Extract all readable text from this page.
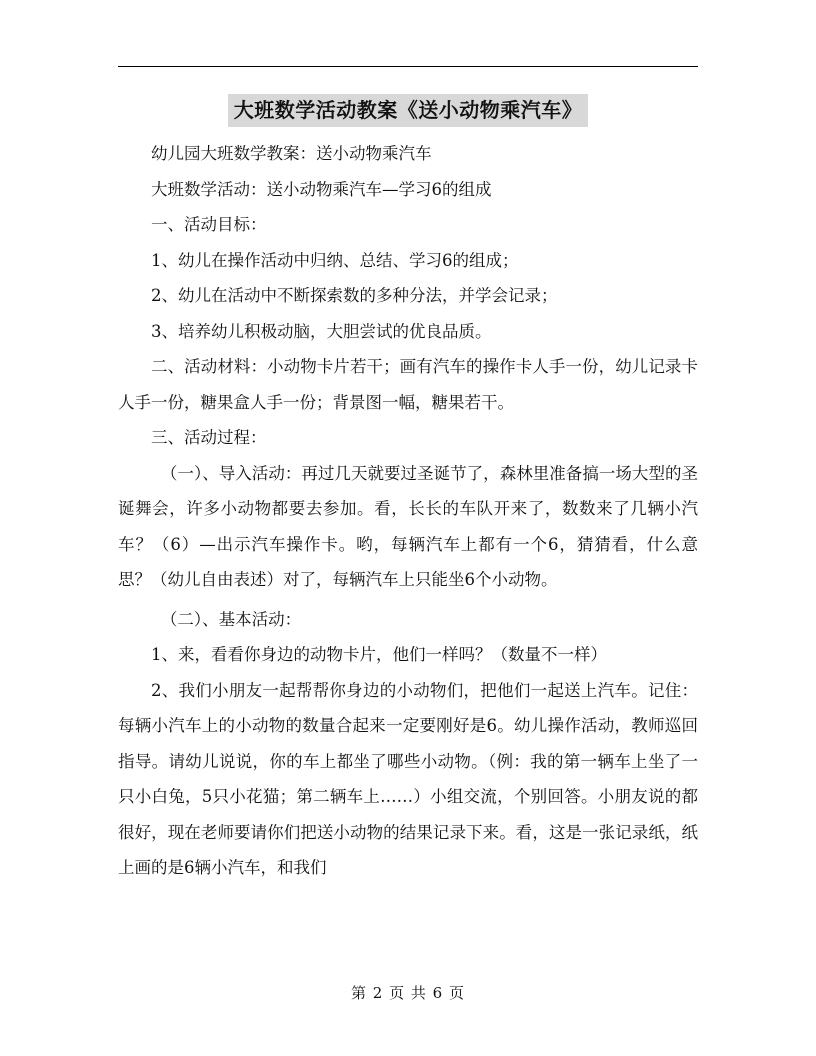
大班数学活动教案《送小动物乘汽车》

幼儿园大班数学教案：送小动物乘汽车

大班数学活动：送小动物乘汽车—学习6的组成

一、活动目标：

1、幼儿在操作活动中归纳、总结、学习6的组成；

2、幼儿在活动中不断探索数的多种分法，并学会记录；

3、培养幼儿积极动脑，大胆尝试的优良品质。

二、活动材料：小动物卡片若干；画有汽车的操作卡人手一份，幼儿记录卡人手一份，糖果盒人手一份；背景图一幅，糖果若干。

三、活动过程：

（一）、导入活动：再过几天就要过圣诞节了，森林里准备搞一场大型的圣诞舞会，许多小动物都要去参加。看，长长的车队开来了，数数来了几辆小汽车？（6）—出示汽车操作卡。哟，每辆汽车上都有一个6，猜猜看，什么意思？（幼儿自由表述）对了，每辆汽车上只能坐6个小动物。

（二）、基本活动：

1、来，看看你身边的动物卡片，他们一样吗？（数量不一样）

2、我们小朋友一起帮帮你身边的小动物们，把他们一起送上汽车。记住：每辆小汽车上的小动物的数量合起来一定要刚好是6。幼儿操作活动，教师巡回指导。请幼儿说说，你的车上都坐了哪些小动物。（例：我的第一辆车上坐了一只小白兔，5只小花猫；第二辆车上……）小组交流，个别回答。小朋友说的都很好，现在老师要请你们把送小动物的结果记录下来。看，这是一张记录纸，纸上画的是6辆小汽车，和我们

第 2 页 共 6 页
